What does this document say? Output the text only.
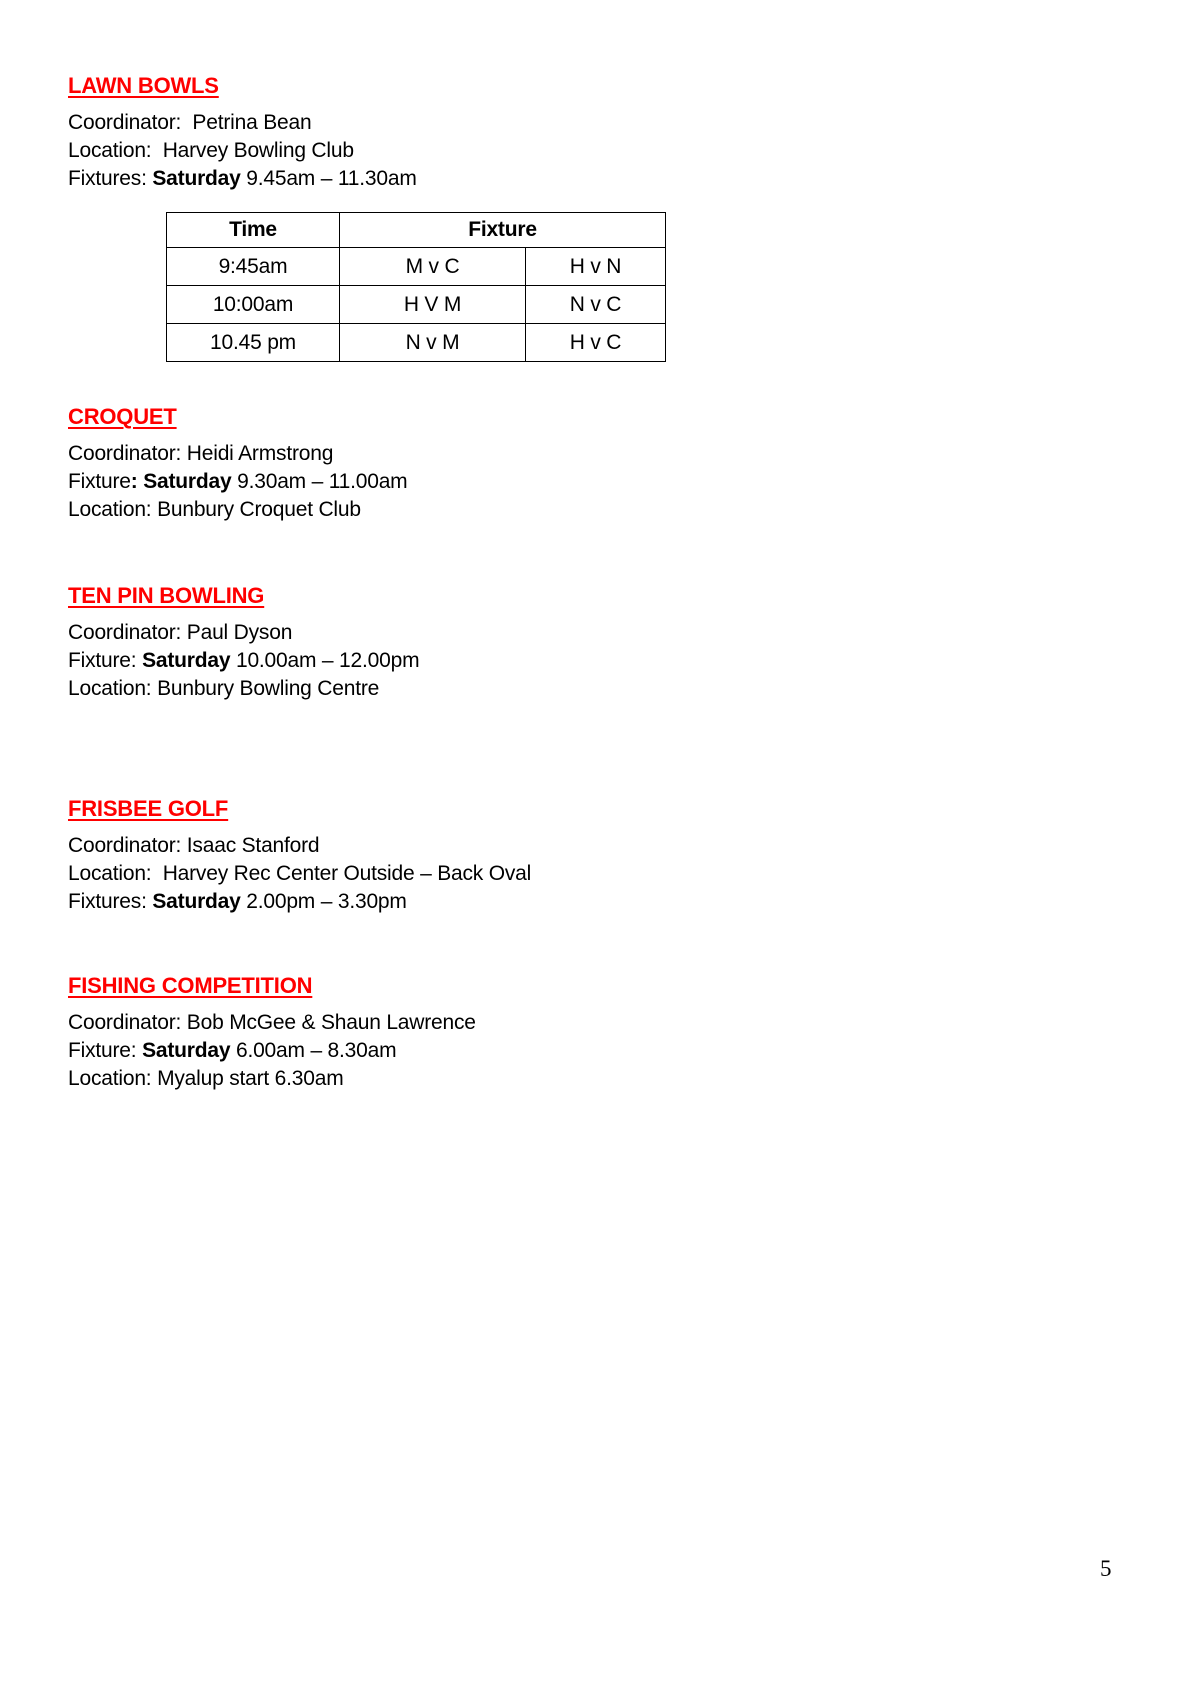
LAWN BOWLS

Coordinator:  Petrina Bean

Location:  Harvey Bowling Club

Fixtures: Saturday 9.45am – 11.30am

Time	Fixture	
9:45am	M v C	H v N
10:00am	H V M	N v C
10.45 pm	N v M	H v C
CROQUET

Coordinator: Heidi Armstrong

Fixture: Saturday 9.30am – 11.00am

Location: Bunbury Croquet Club

TEN PIN BOWLING

Coordinator: Paul Dyson

Fixture: Saturday 10.00am – 12.00pm

Location: Bunbury Bowling Centre

FRISBEE GOLF

Coordinator: Isaac Stanford

Location:  Harvey Rec Center Outside – Back Oval

Fixtures: Saturday 2.00pm – 3.30pm

FISHING COMPETITION

Coordinator: Bob McGee & Shaun Lawrence

Fixture: Saturday 6.00am – 8.30am

Location: Myalup start 6.30am

5
